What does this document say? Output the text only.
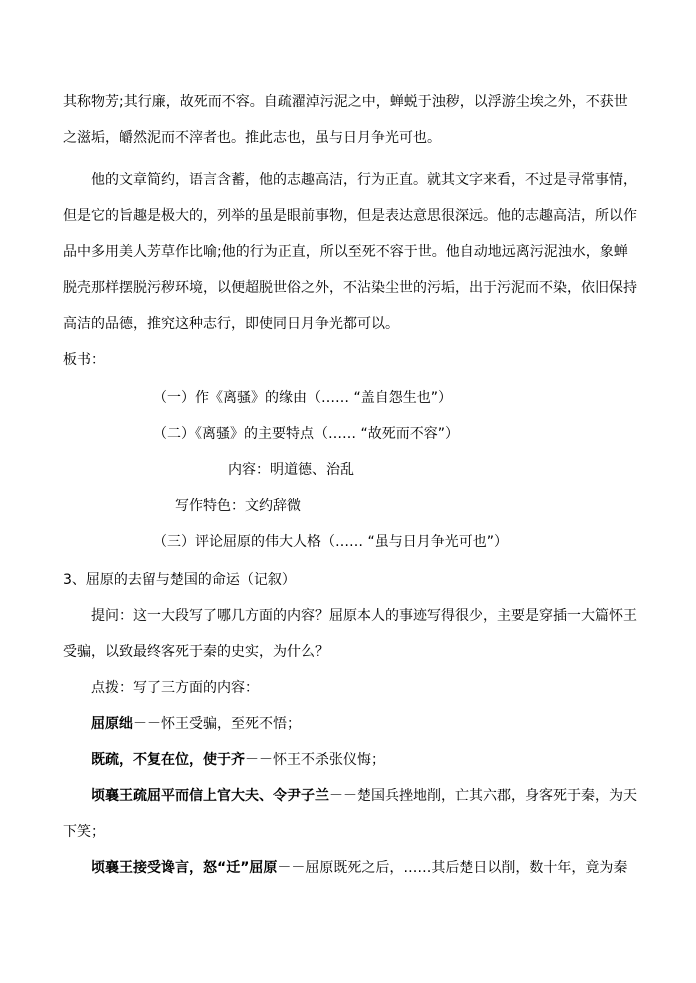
其称物芳;其行廉，故死而不容。自疏濯淖污泥之中，蝉蜕于浊秽，以浮游尘埃之外，不获世
之滋垢，皭然泥而不滓者也。推此志也，虽与日月争光可也。
他的文章简约，语言含蓄，他的志趣高洁，行为正直。就其文字来看，不过是寻常事情，
但是它的旨趣是极大的，列举的虽是眼前事物，但是表达意思很深远。他的志趣高洁，所以作
品中多用美人芳草作比喻;他的行为正直，所以至死不容于世。他自动地远离污泥浊水，象蝉
脱壳那样摆脱污秽环境，以便超脱世俗之外，不沾染尘世的污垢，出于污泥而不染，依旧保持
高洁的品德，推究这种志行，即使同日月争光都可以。
板书：
（一）作《离骚》的缘由（…… “盖自怨生也”）
（二）《离骚》的主要特点（…… “故死而不容”）
内容：明道德、治乱
写作特色：文约辞微
（三）评论屈原的伟大人格（…… “虽与日月争光可也”）
3、屈原的去留与楚国的命运（记叙）
提问：这一大段写了哪几方面的内容？屈原本人的事迹写得很少，主要是穿插一大篇怀王
受骗，以致最终客死于秦的史实，为什么？
点拨：写了三方面的内容：
屈原绌－－怀王受骗，至死不悟；
既疏，不复在位，使于齐－－怀王不杀张仪悔；
顷襄王疏屈平而信上官大夫、令尹子兰－－楚国兵挫地削，亡其六郡，身客死于秦，为天
下笑；
顷襄王接受谗言，怒“迁”屈原－－屈原既死之后，……其后楚日以削，数十年，竟为秦
